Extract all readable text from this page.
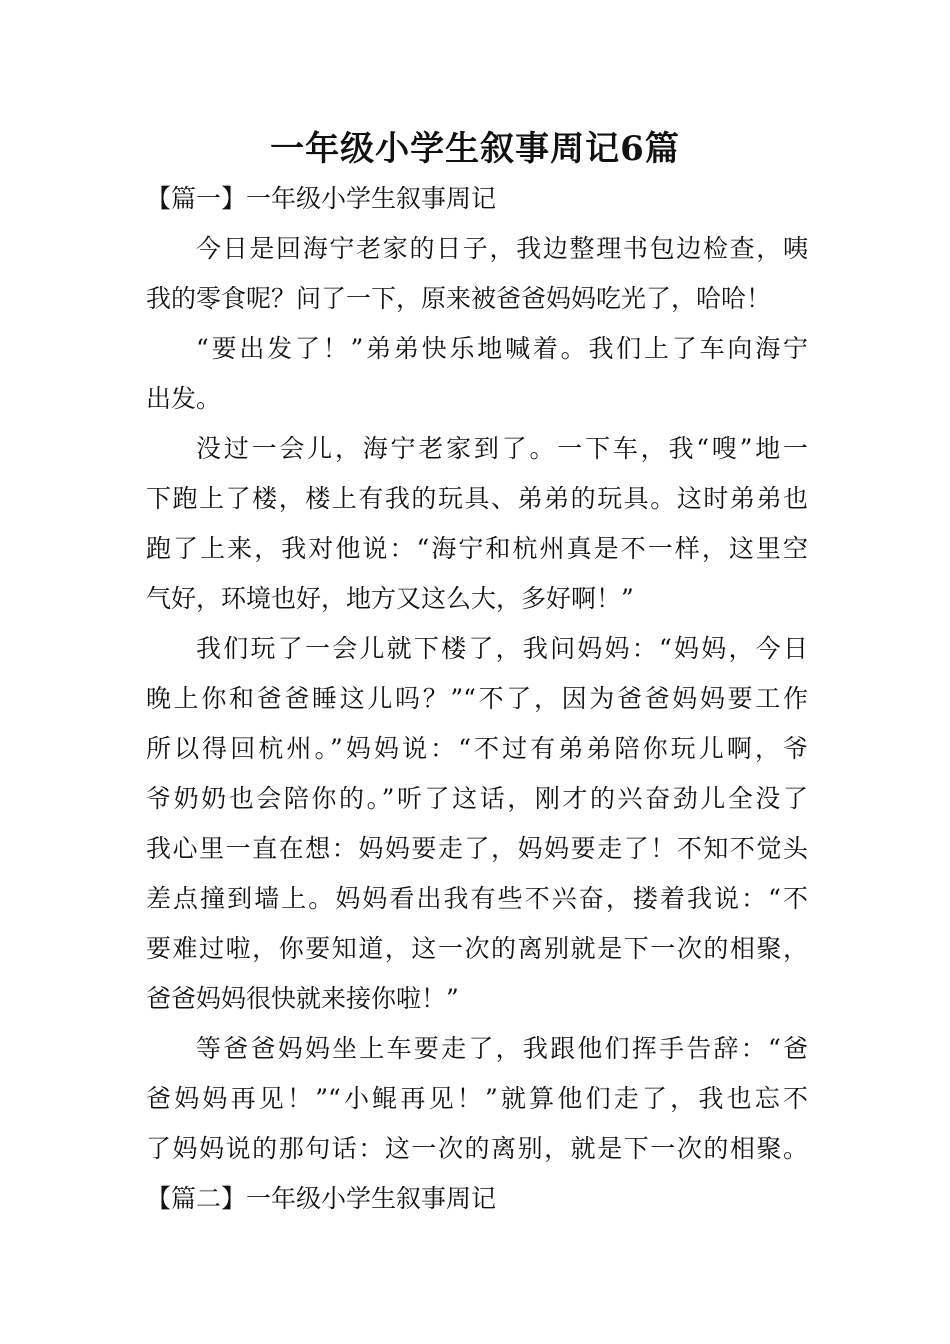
一年级小学生叙事周记6篇
【篇一】一年级小学生叙事周记
今日是回海宁老家的日子，我边整理书包边检查，咦
我的零食呢？问了一下，原来被爸爸妈妈吃光了，哈哈！
“要出发了！”弟弟快乐地喊着。我们上了车向海宁
出发。
没过一会儿，海宁老家到了。一下车，我“嗖”地一
下跑上了楼，楼上有我的玩具、弟弟的玩具。这时弟弟也
跑了上来，我对他说：“海宁和杭州真是不一样，这里空
气好，环境也好，地方又这么大，多好啊！”
我们玩了一会儿就下楼了，我问妈妈：“妈妈，今日
晚上你和爸爸睡这儿吗？”“不了，因为爸爸妈妈要工作
所以得回杭州。”妈妈说：“不过有弟弟陪你玩儿啊，爷
爷奶奶也会陪你的。”听了这话，刚才的兴奋劲儿全没了
我心里一直在想：妈妈要走了，妈妈要走了！不知不觉头
差点撞到墙上。妈妈看出我有些不兴奋，搂着我说：“不
要难过啦，你要知道，这一次的离别就是下一次的相聚，
爸爸妈妈很快就来接你啦！”
等爸爸妈妈坐上车要走了，我跟他们挥手告辞：“爸
爸妈妈再见！”“小鲲再见！”就算他们走了，我也忘不
了妈妈说的那句话：这一次的离别，就是下一次的相聚。
【篇二】一年级小学生叙事周记
